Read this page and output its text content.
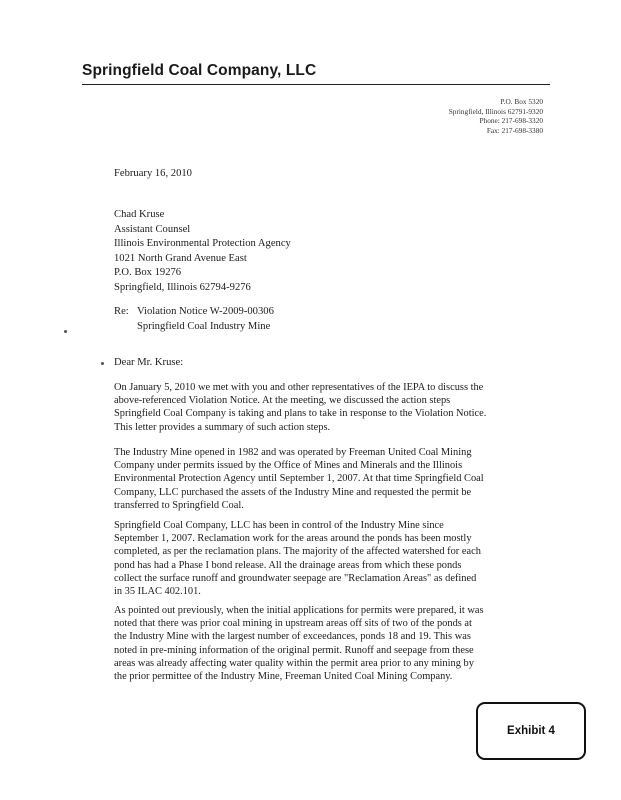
Springfield Coal Company, LLC
P.O. Box 5320
Springfield, Illinois 62791-9320
Phone: 217-698-3320
Fax: 217-698-3380
February 16, 2010
Chad Kruse
Assistant Counsel
Illinois Environmental Protection Agency
1021 North Grand Avenue East
P.O. Box 19276
Springfield, Illinois 62794-9276
Re: Violation Notice W-2009-00306
Springfield Coal Industry Mine
Dear Mr. Kruse:
On January 5, 2010 we met with you and other representatives of the IEPA to discuss the
above-referenced Violation Notice. At the meeting, we discussed the action steps
Springfield Coal Company is taking and plans to take in response to the Violation Notice.
This letter provides a summary of such action steps.
The Industry Mine opened in 1982 and was operated by Freeman United Coal Mining
Company under permits issued by the Office of Mines and Minerals and the Illinois
Environmental Protection Agency until September 1, 2007. At that time Springfield Coal
Company, LLC purchased the assets of the Industry Mine and requested the permit be
transferred to Springfield Coal.
Springfield Coal Company, LLC has been in control of the Industry Mine since
September 1, 2007. Reclamation work for the areas around the ponds has been mostly
completed, as per the reclamation plans. The majority of the affected watershed for each
pond has had a Phase I bond release. All the drainage areas from which these ponds
collect the surface runoff and groundwater seepage are "Reclamation Areas" as defined
in 35 ILAC 402.101.
As pointed out previously, when the initial applications for permits were prepared, it was
noted that there was prior coal mining in upstream areas off sits of two of the ponds at
the Industry Mine with the largest number of exceedances, ponds 18 and 19. This was
noted in pre-mining information of the original permit. Runoff and seepage from these
areas was already affecting water quality within the permit area prior to any mining by
the prior permittee of the Industry Mine, Freeman United Coal Mining Company.
Exhibit 4
